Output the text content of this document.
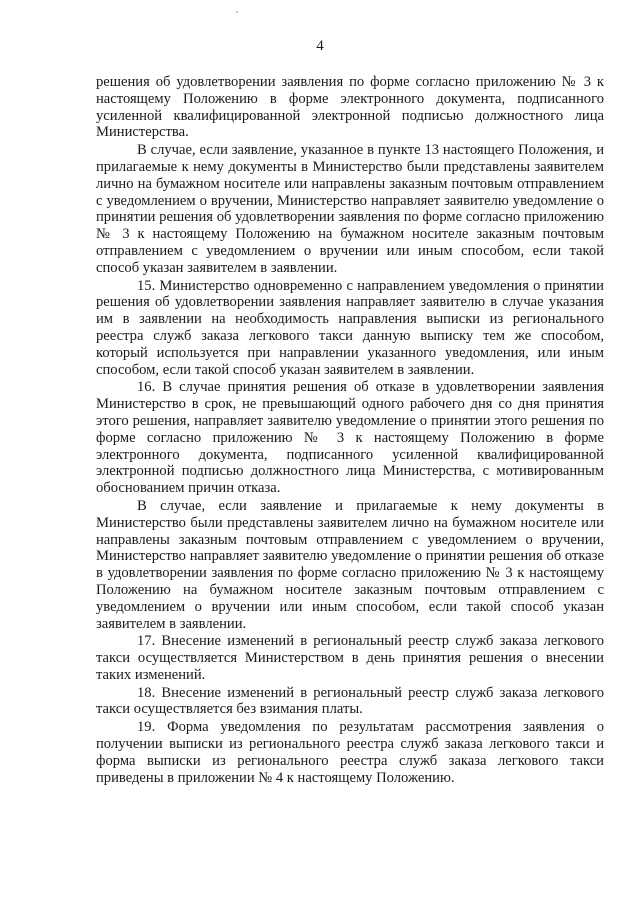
4

решения об удовлетворении заявления по форме согласно приложению № 3 к настоящему Положению в форме электронного документа, подписанного усиленной квалифицированной электронной подписью должностного лица Министерства.

В случае, если заявление, указанное в пункте 13 настоящего Положения, и прилагаемые к нему документы в Министерство были представлены заявителем лично на бумажном носителе или направлены заказным почтовым отправлением с уведомлением о вручении, Министерство направляет заявителю уведомление о принятии решения об удовлетворении заявления по форме согласно приложению № 3 к настоящему Положению на бумажном носителе заказным почтовым отправлением с уведомлением о вручении или иным способом, если такой способ указан заявителем в заявлении.

15. Министерство одновременно с направлением уведомления о принятии решения об удовлетворении заявления направляет заявителю в случае указания им в заявлении на необходимость направления выписки из регионального реестра служб заказа легкового такси данную выписку тем же способом, который используется при направлении указанного уведомления, или иным способом, если такой способ указан заявителем в заявлении.

16. В случае принятия решения об отказе в удовлетворении заявления Министерство в срок, не превышающий одного рабочего дня со дня принятия этого решения, направляет заявителю уведомление о принятии этого решения по форме согласно приложению № 3 к настоящему Положению в форме электронного документа, подписанного усиленной квалифицированной электронной подписью должностного лица Министерства, с мотивированным обоснованием причин отказа.

В случае, если заявление и прилагаемые к нему документы в Министерство были представлены заявителем лично на бумажном носителе или направлены заказным почтовым отправлением с уведомлением о вручении, Министерство направляет заявителю уведомление о принятии решения об отказе в удовлетворении заявления по форме согласно приложению № 3 к настоящему Положению на бумажном носителе заказным почтовым отправлением с уведомлением о вручении или иным способом, если такой способ указан заявителем в заявлении.

17. Внесение изменений в региональный реестр служб заказа легкового такси осуществляется Министерством в день принятия решения о внесении таких изменений.

18. Внесение изменений в региональный реестр служб заказа легкового такси осуществляется без взимания платы.

19. Форма уведомления по результатам рассмотрения заявления о получении выписки из регионального реестра служб заказа легкового такси и форма выписки из регионального реестра служб заказа легкового такси приведены в приложении № 4 к настоящему Положению.
